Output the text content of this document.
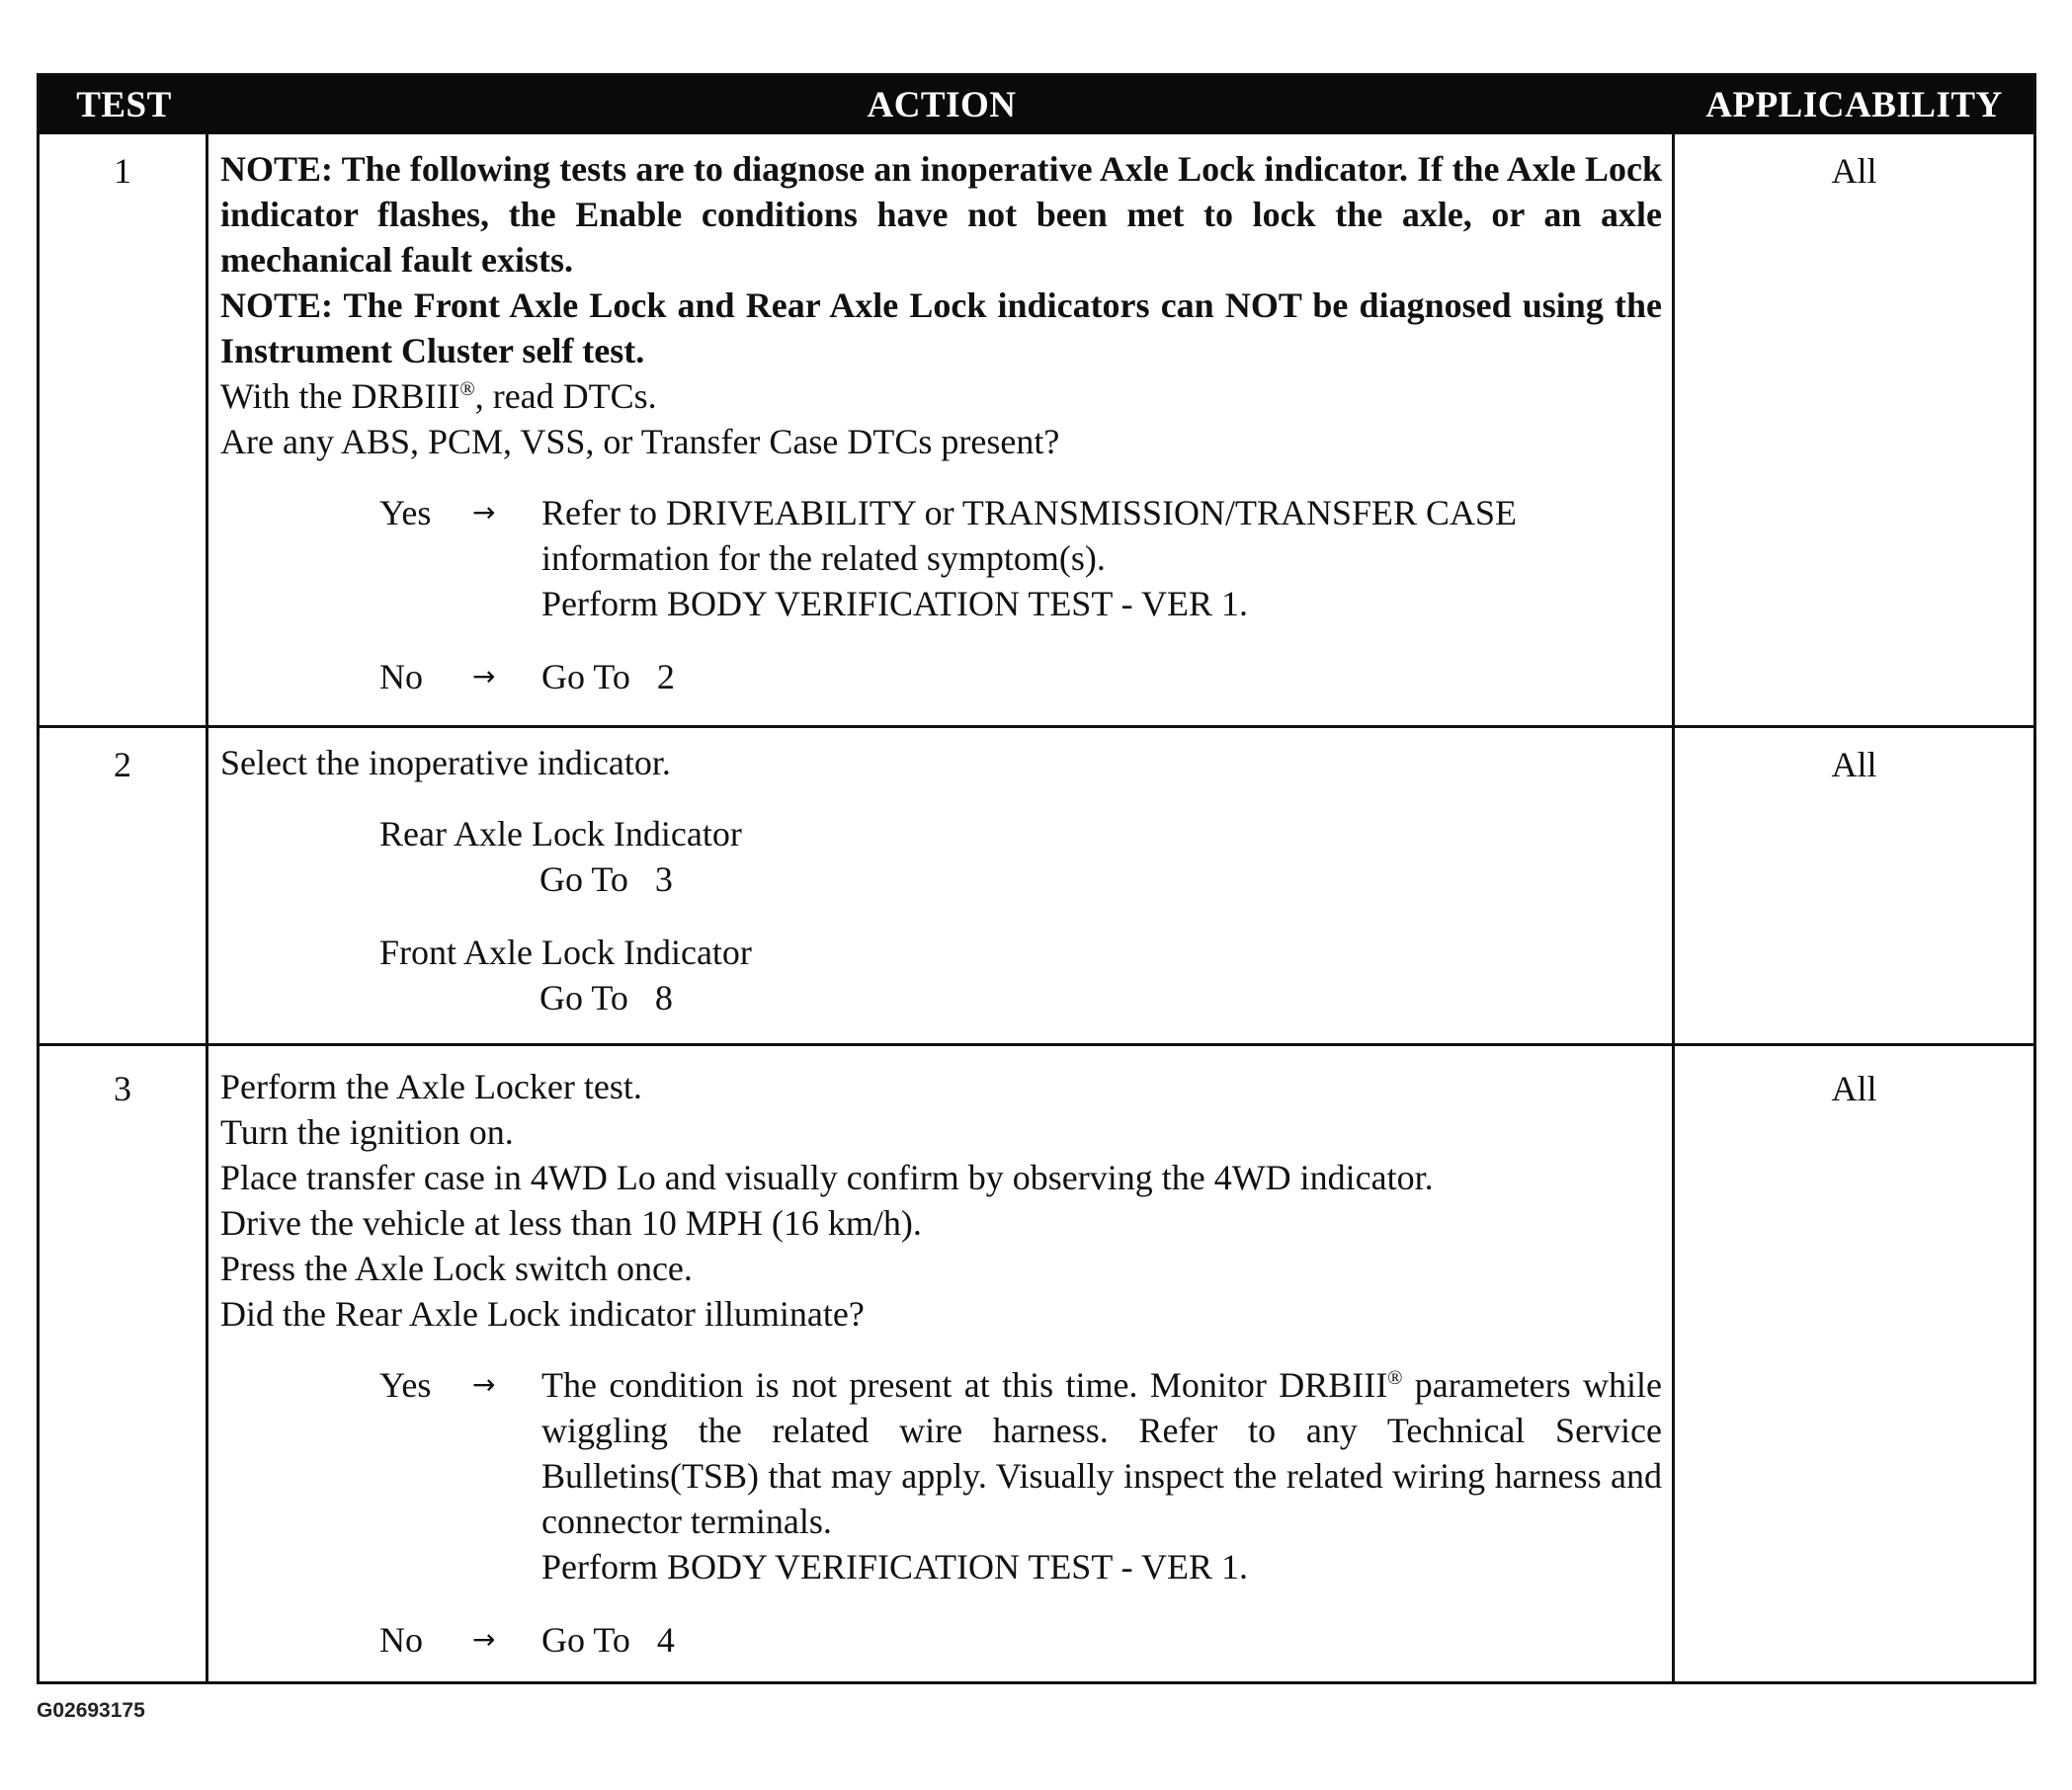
TEST	ACTION	APPLICABILITY
1	NOTE: The following tests are to diagnose an inoperative Axle Lock indicator. If the Axle Lock indicator flashes, the Enable conditions have not been met to lock the axle, or an axle mechanical fault exists.
NOTE: The Front Axle Lock and Rear Axle Lock indicators can NOT be diagnosed using the Instrument Cluster self test.
With the DRBIII®, read DTCs.
Are any ABS, PCM, VSS, or Transfer Case DTCs present?
Yes	→	Refer to DRIVEABILITY or TRANSMISSION/TRANSFER CASE information for the related symptom(s).
Perform BODY VERIFICATION TEST - VER 1.
No	→	Go To   2
All
2	Select the inoperative indicator.
Rear Axle Lock Indicator
Go To   3
Front Axle Lock Indicator
Go To   8
All
3	Perform the Axle Locker test.
Turn the ignition on.
Place transfer case in 4WD Lo and visually confirm by observing the 4WD indicator.
Drive the vehicle at less than 10 MPH (16 km/h).
Press the Axle Lock switch once.
Did the Rear Axle Lock indicator illuminate?
Yes	→	The condition is not present at this time. Monitor DRBIII® parameters while wiggling the related wire harness. Refer to any Technical Service Bulletins(TSB) that may apply. Visually inspect the related wiring harness and connector terminals.
Perform BODY VERIFICATION TEST - VER 1.
No	→	Go To   4
All
G02693175
